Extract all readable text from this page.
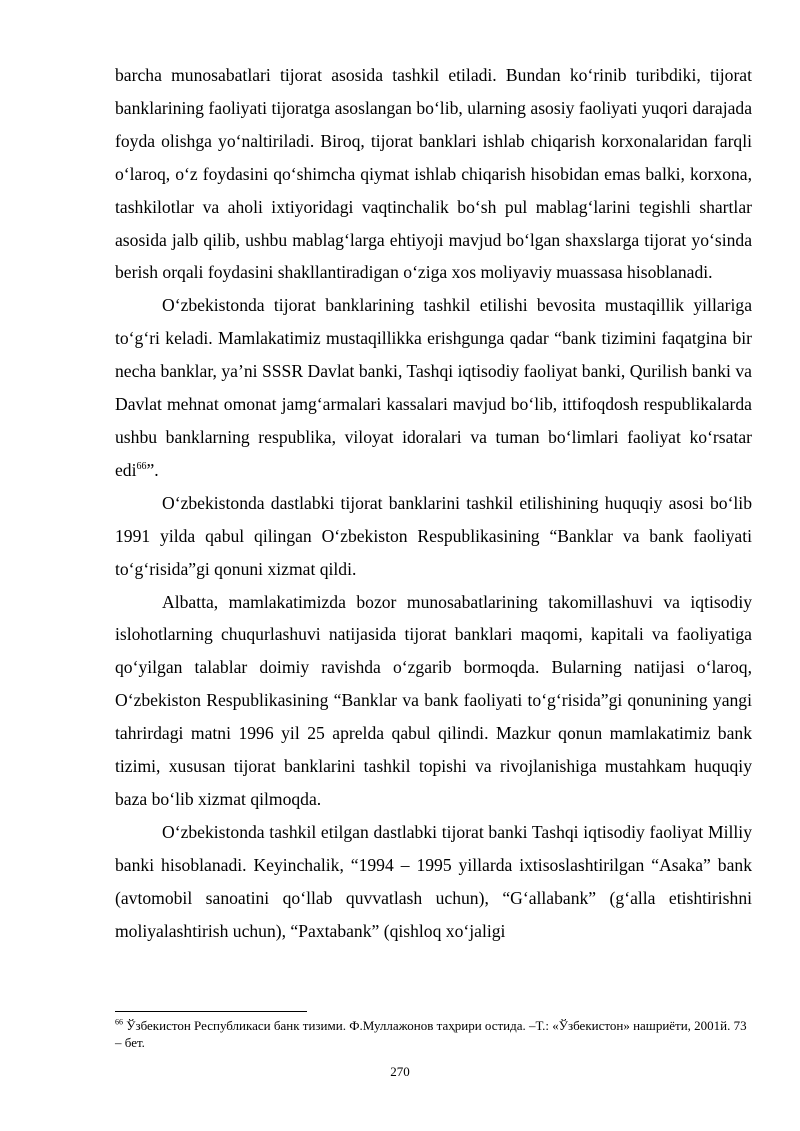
barcha munosabatlari tijorat asosida tashkil etiladi. Bundan ko‘rinib turibdiki, tijorat banklarining faoliyati tijoratga asoslangan bo‘lib, ularning asosiy faoliyati yuqori darajada foyda olishga yo‘naltiriladi. Biroq, tijorat banklari ishlab chiqarish korxonalaridan farqli o‘laroq, o‘z foydasini qo‘shimcha qiymat ishlab chiqarish hisobidan emas balki, korxona, tashkilotlar va aholi ixtiyoridagi vaqtinchalik bo‘sh pul mablag‘larini tegishli shartlar asosida jalb qilib, ushbu mablag‘larga ehtiyoji mavjud bo‘lgan shaxslarga tijorat yo‘sinda berish orqali foydasini shakllantiradigan o‘ziga xos moliyaviy muassasa hisoblanadi.

O‘zbekistonda tijorat banklarining tashkil etilishi bevosita mustaqillik yillariga to‘g‘ri keladi. Mamlakatimiz mustaqillikka erishgunga qadar “bank tizimini faqatgina bir necha banklar, ya’ni SSSR Davlat banki, Tashqi iqtisodiy faoliyat banki, Qurilish banki va Davlat mehnat omonat jamg‘armalari kassalari mavjud bo‘lib, ittifoqdosh respublikalarda ushbu banklarning respublika, viloyat idoralari va tuman bo‘limlari faoliyat ko‘rsatar edi$^{66}$”.

O‘zbekistonda dastlabki tijorat banklarini tashkil etilishining huquqiy asosi bo‘lib 1991 yilda qabul qilingan O‘zbekiston Respublikasining “Banklar va bank faoliyati to‘g‘risida”gi qonuni xizmat qildi.

Albatta, mamlakatimizda bozor munosabatlarining takomillashuvi va iqtisodiy islohotlarning chuqurlashuvi natijasida tijorat banklari maqomi, kapitali va faoliyatiga qo‘yilgan talablar doimiy ravishda o‘zgarib bormoqda. Bularning natijasi o‘laroq, O‘zbekiston Respublikasining “Banklar va bank faoliyati to‘g‘risida”gi qonunining yangi tahrirdagi matni 1996 yil 25 aprelda qabul qilindi. Mazkur qonun mamlakatimiz bank tizimi, xususan tijorat banklarini tashkil topishi va rivojlanishiga mustahkam huquqiy baza bo‘lib xizmat qilmoqda.

O‘zbekistonda tashkil etilgan dastlabki tijorat banki Tashqi iqtisodiy faoliyat Milliy banki hisoblanadi. Keyinchalik, “1994 – 1995 yillarda ixtisoslashtirilgan “Asaka” bank (avtomobil sanoatini qo‘llab quvvatlash uchun), “G‘allabank” (g‘alla etishtirishni moliyalashtirish uchun), “Paxtabank” (qishloq xo‘jaligi

$^{66}$ Ўзбекистон Республикаси банк тизими. Ф.Муллажонов таҳрири остида. –Т.: «Ўзбекистон» нашриёти, 2001й. 73 – бет.

270
